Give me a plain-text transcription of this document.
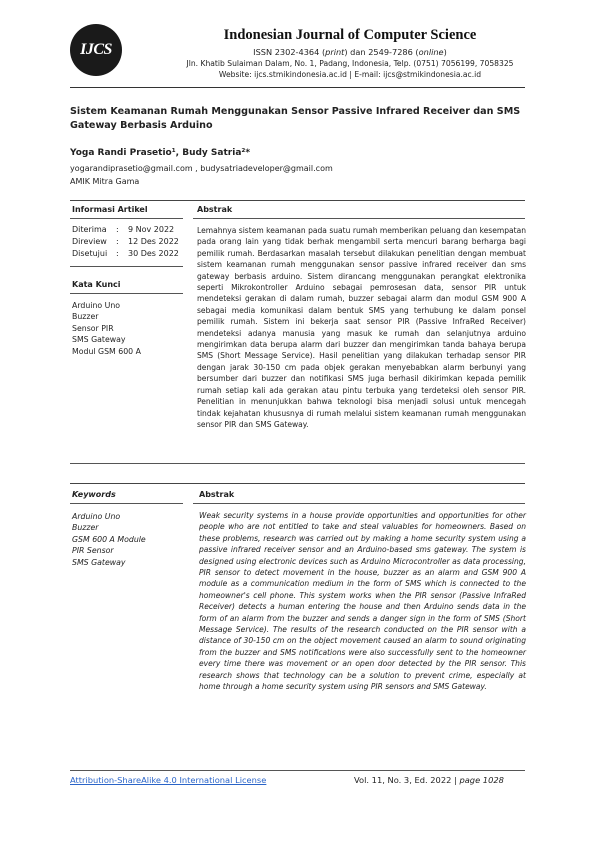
IJCS
Indonesian Journal of Computer Science
ISSN 2302-4364 (print) dan 2549-7286 (online)
Jln. Khatib Sulaiman Dalam, No. 1, Padang, Indonesia, Telp. (0751) 7056199, 7058325
Website: ijcs.stmikindonesia.ac.id | E-mail: ijcs@stmikindonesia.ac.id
Sistem Keamanan Rumah Menggunakan Sensor Passive Infrared Receiver dan SMS Gateway Berbasis Arduino
Yoga Randi Prasetio¹, Budy Satria²*
yogarandiprasetio@gmail.com , budysatriadeveloper@gmail.com
AMIK Mitra Gama
Informasi Artikel	Abstrak
Diterima	:	9 Nov 2022
Direview	:	12 Des 2022
Disetujui	:	30 Des 2022
Kata Kunci
Arduino Uno
Buzzer
Sensor PIR
SMS Gateway
Modul GSM 600 A
Lemahnya sistem keamanan pada suatu rumah memberikan peluang dan kesempatan pada orang lain yang tidak berhak mengambil serta mencuri barang berharga bagi pemilik rumah. Berdasarkan masalah tersebut dilakukan penelitian dengan membuat sistem keamanan rumah menggunakan sensor passive infrared receiver dan sms gateway berbasis arduino. Sistem dirancang menggunakan perangkat elektronika seperti Mikrokontroller Arduino sebagai pemrosesan data, sensor PIR untuk mendeteksi gerakan di dalam rumah, buzzer sebagai alarm dan modul GSM 900 A sebagai media komunikasi dalam bentuk SMS yang terhubung ke dalam ponsel pemilik rumah. Sistem ini bekerja saat sensor PIR (Passive InfraRed Receiver) mendeteksi adanya manusia yang masuk ke rumah dan selanjutnya arduino mengirimkan data berupa alarm dari buzzer dan mengirimkan tanda bahaya berupa SMS (Short Message Service). Hasil penelitian yang dilakukan terhadap sensor PIR dengan jarak 30-150 cm pada objek gerakan menyebabkan alarm berbunyi yang bersumber dari buzzer dan notifikasi SMS juga berhasil dikirimkan kepada pemilik rumah setiap kali ada gerakan atau pintu terbuka yang terdeteksi oleh sensor PIR. Penelitian in menunjukkan bahwa teknologi bisa menjadi solusi untuk mencegah tindak kejahatan khususnya di rumah melalui sistem keamanan rumah menggunakan sensor PIR dan SMS Gateway.
Keywords	Abstrak
Arduino Uno
Buzzer
GSM 600 A Module
PIR Sensor
SMS Gateway
Weak security systems in a house provide opportunities and opportunities for other people who are not entitled to take and steal valuables for homeowners. Based on these problems, research was carried out by making a home security system using a passive infrared receiver sensor and an Arduino-based sms gateway. The system is designed using electronic devices such as Arduino Microcontroller as data processing, PIR sensor to detect movement in the house, buzzer as an alarm and GSM 900 A module as a communication medium in the form of SMS which is connected to the homeowner's cell phone. This system works when the PIR sensor (Passive InfraRed Receiver) detects a human entering the house and then Arduino sends data in the form of an alarm from the buzzer and sends a danger sign in the form of SMS (Short Message Service). The results of the research conducted on the PIR sensor with a distance of 30-150 cm on the object movement caused an alarm to sound originating from the buzzer and SMS notifications were also successfully sent to the homeowner every time there was movement or an open door detected by the PIR sensor. This research shows that technology can be a solution to prevent crime, especially at home through a home security system using PIR sensors and SMS Gateway.
Attribution-ShareAlike 4.0 International License	Vol. 11, No. 3, Ed. 2022 | page 1028
